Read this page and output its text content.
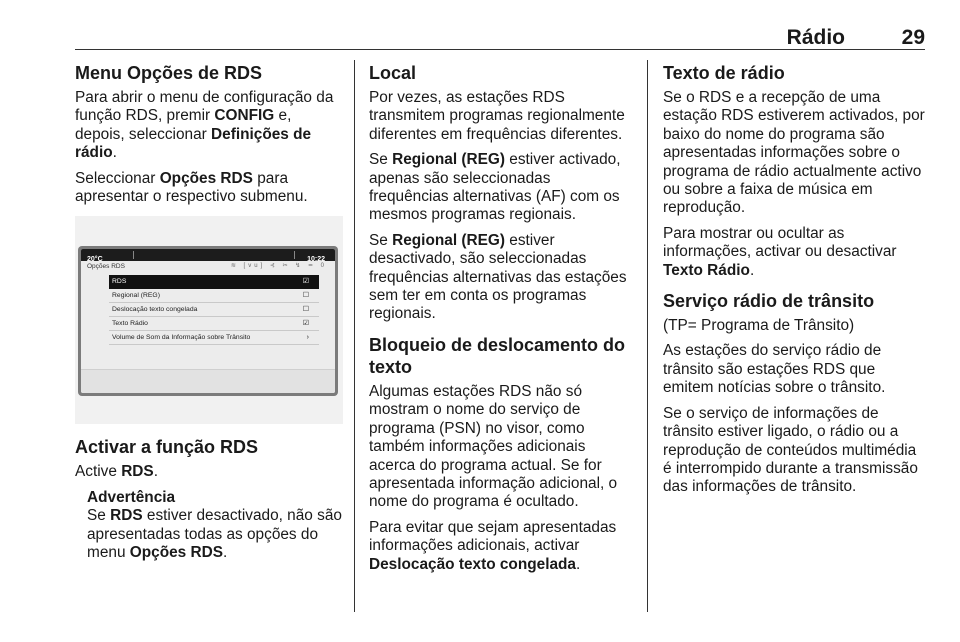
Rádio	29
Menu Opções de RDS

Para abrir o menu de configuração da função RDS, premir CONFIG e, depois, seleccionar Definições de rádio.

Seleccionar Opções RDS para apresentar o respectivo submenu.

20°C	10:22
Opções RDS	≋ [vu] ⊰ ✂ ↯ ⋍ 0
RDS	☑
Regional (REG)	☐
Deslocação texto congelada	☐
Texto Rádio	☑
Volume de Som da Informação sobre Trânsito	›
Activar a função RDS

Active RDS.

Advertência
Se RDS estiver desactivado, não são apresentadas todas as opções do menu Opções RDS.
Local

Por vezes, as estações RDS transmitem programas regionalmente diferentes em frequências diferentes.

Se Regional (REG) estiver activado, apenas são seleccionadas frequências alternativas (AF) com os mesmos programas regionais.

Se Regional (REG) estiver desactivado, são seleccionadas frequências alternativas das estações sem ter em conta os programas regionais.

Bloqueio de deslocamento do texto

Algumas estações RDS não só mostram o nome do serviço de programa (PSN) no visor, como também informações adicionais acerca do programa actual. Se for apresentada informação adicional, o nome do programa é ocultado.

Para evitar que sejam apresentadas informações adicionais, activar Deslocação texto congelada.

Texto de rádio

Se o RDS e a recepção de uma estação RDS estiverem activados, por baixo do nome do programa são apresentadas informações sobre o programa de rádio actualmente activo ou sobre a faixa de música em reprodução.

Para mostrar ou ocultar as informações, activar ou desactivar Texto Rádio.

Serviço rádio de trânsito

(TP= Programa de Trânsito)

As estações do serviço rádio de trânsito são estações RDS que emitem notícias sobre o trânsito.

Se o serviço de informações de trânsito estiver ligado, o rádio ou a reprodução de conteúdos multimédia é interrompido durante a transmissão das informações de trânsito.
